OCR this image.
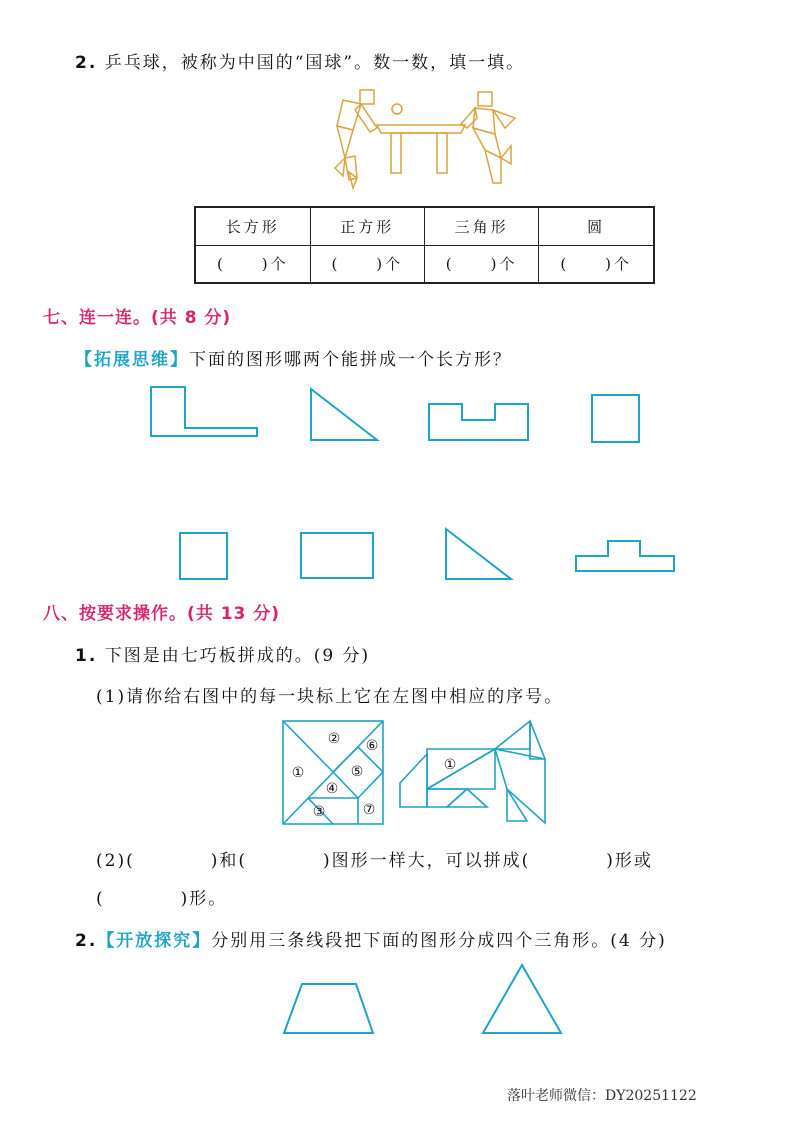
2. 乒乓球，被称为中国的“国球”。数一数，填一填。
长方形	正方形	三角形	圆
(　　)个	(　　)个	(　　)个	(　　)个
七、连一连。(共 8 分)
【拓展思维】下面的图形哪两个能拼成一个长方形？
八、按要求操作。(共 13 分)
1. 下图是由七巧板拼成的。(9 分)
(1)请你给右图中的每一块标上它在左图中相应的序号。
①
②
③
④
⑤
⑥
⑦
①
(2)(　　　　)和(　　　　)图形一样大，可以拼成(　　　　)形或
(　　　　)形。
2.【开放探究】分别用三条线段把下面的图形分成四个三角形。(4 分)
落叶老师微信：DY20251122
